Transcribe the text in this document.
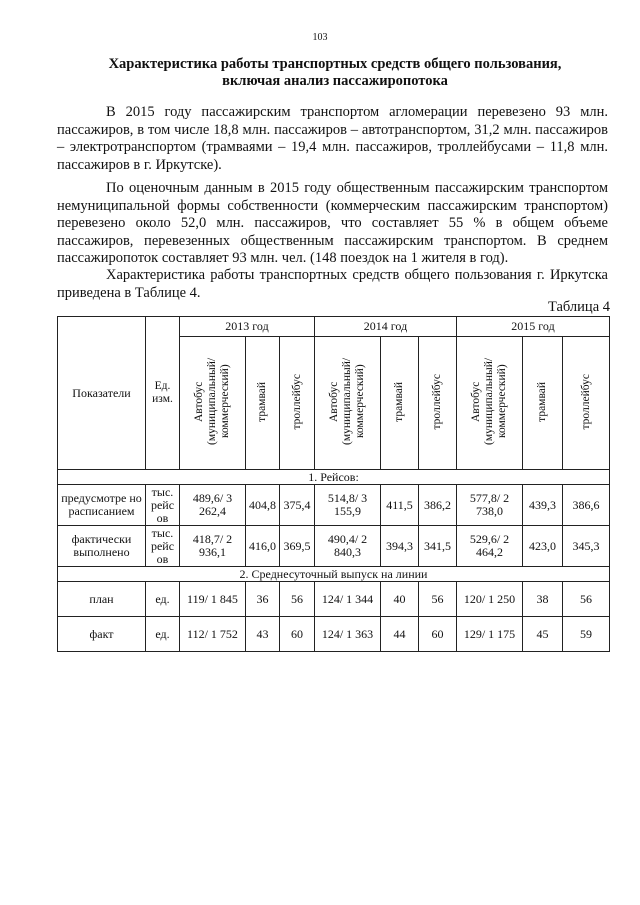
103
Характеристика работы транспортных средств общего пользования,
включая анализ пассажиропотока

В 2015 году пассажирским транспортом агломерации перевезено 93 млн. пассажиров, в том числе 18,8 млн. пассажиров – автотранспортом, 31,2 млн. пассажиров – электротранспортом (трамваями – 19,4 млн. пассажиров, троллейбусами – 11,8 млн. пассажиров в г. Иркутске).

По оценочным данным в 2015 году общественным пассажирским транспортом немуниципальной формы собственности (коммерческим пассажирским транспортом) перевезено около 52,0 млн. пассажиров, что составляет 55 % в общем объеме пассажиров, перевезенных общественным пассажирским транспортом. В среднем пассажиропоток составляет 93 млн. чел. (148 поездок на 1 жителя в год).

Характеристика работы транспортных средств общего пользования г. Иркутска приведена в Таблице 4.

Таблица 4
Показатели	Ед. изм.	2013 год			2014 год			2015 год		
		Автобус (муниципальный/ коммерческий)	трамвай	троллейбус	Автобус (муниципальный/ коммерческий)	трамвай	троллейбус	Автобус (муниципальный/ коммерческий)	трамвай	троллейбус
1. Рейсов:										
предусмотре но расписанием	тыс. рейс ов	489,6/ 3 262,4	404,8	375,4	514,8/ 3 155,9	411,5	386,2	577,8/ 2 738,0	439,3	386,6
фактически выполнено	тыс. рейс ов	418,7/ 2 936,1	416,0	369,5	490,4/ 2 840,3	394,3	341,5	529,6/ 2 464,2	423,0	345,3
2. Среднесуточный выпуск на линии										
план	ед.	119/ 1 845	36	56	124/ 1 344	40	56	120/ 1 250	38	56
факт	ед.	112/ 1 752	43	60	124/ 1 363	44	60	129/ 1 175	45	59
